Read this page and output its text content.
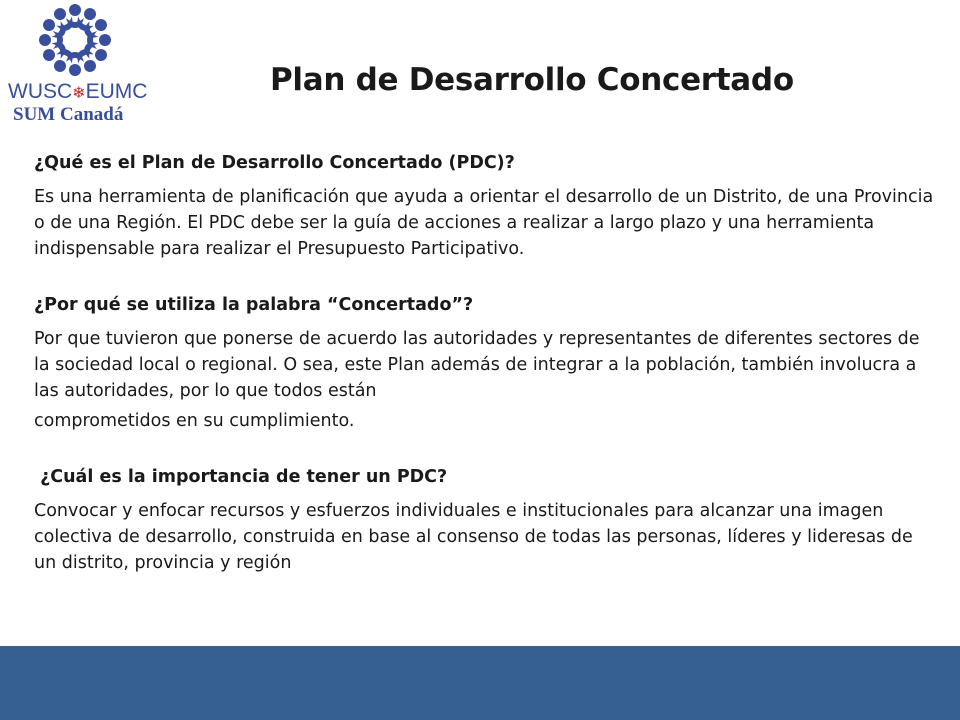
WUSC❄EUMC
SUM Canadá
Plan de Desarrollo Concertado

¿Qué es el Plan de Desarrollo Concertado (PDC)?

Es una herramienta de planificación que ayuda a orientar el desarrollo de un Distrito, de una Provincia o de una Región. El PDC debe ser la guía de acciones a realizar a largo plazo y una herramienta indispensable para realizar el Presupuesto Participativo.

¿Por qué se utiliza la palabra “Concertado”?

Por que tuvieron que ponerse de acuerdo las autoridades y representantes de diferentes sectores de la sociedad local o regional. O sea, este Plan además de integrar a la población, también involucra a las autoridades, por lo que todos están

comprometidos en su cumplimiento.

¿Cuál es la importancia de tener un PDC?

Convocar y enfocar recursos y esfuerzos individuales e institucionales para alcanzar una imagen colectiva de desarrollo, construida en base al consenso de todas las personas, líderes y lideresas de un distrito, provincia y región
